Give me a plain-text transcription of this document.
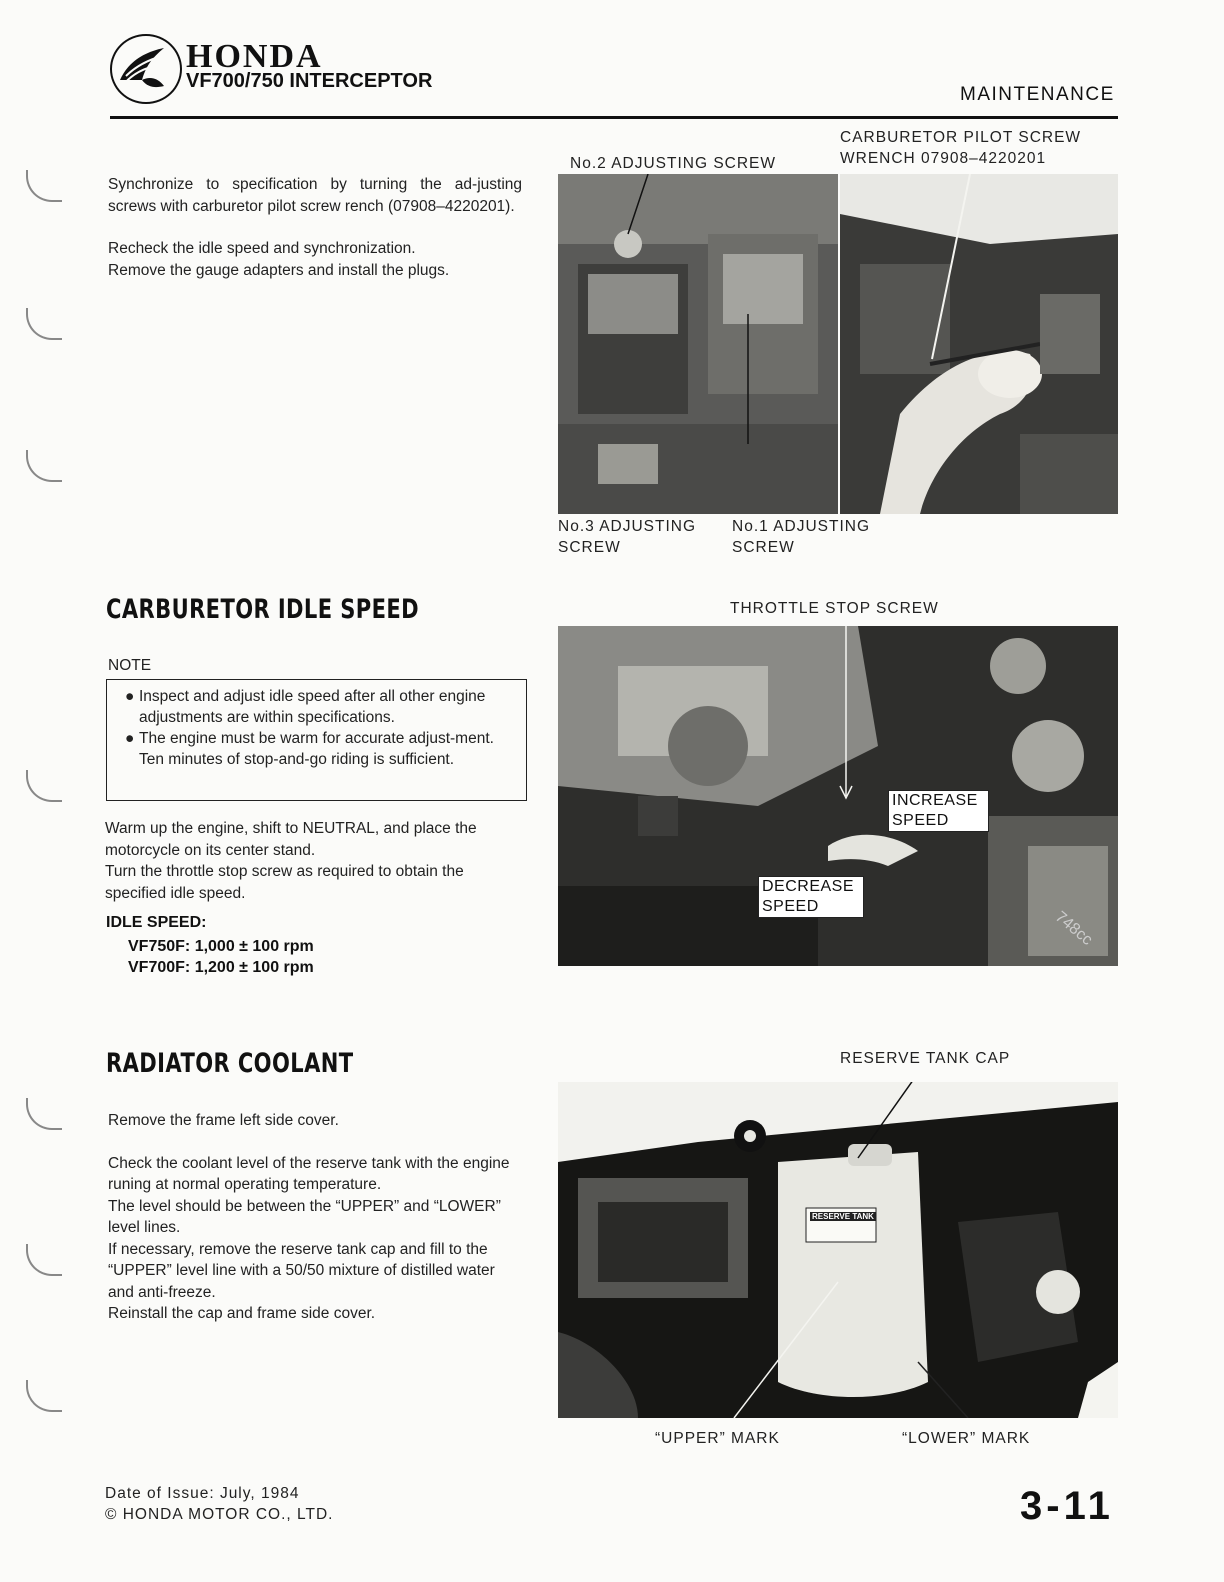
HONDA
VF700/750 INTERCEPTOR
MAINTENANCE

Synchronize to specification by turning the ad-justing screws with carburetor pilot screw rench (07908–4220201).

Recheck the idle speed and synchronization.

Remove the gauge adapters and install the plugs.

No.2 ADJUSTING SCREW
CARBURETOR PILOT SCREW
WRENCH 07908–4220201
No.3 ADJUSTING
SCREW
No.1 ADJUSTING
SCREW
CARBURETOR IDLE SPEED
NOTE

● Inspect and adjust idle speed after all other engine adjustments are within specifications.

● The engine must be warm for accurate adjust-ment. Ten minutes of stop-and-go riding is sufficient.

Warm up the engine, shift to NEUTRAL, and place the motorcycle on its center stand.

Turn the throttle stop screw as required to obtain the specified idle speed.

IDLE SPEED:
VF750F: 1,000 ± 100 rpm
VF700F: 1,200 ± 100 rpm
THROTTLE STOP SCREW
INCREASE
SPEED
DECREASE
SPEED
748cc
RADIATOR COOLANT

Remove the frame left side cover.

Check the coolant level of the reserve tank with the engine runing at normal operating temperature.

The level should be between the “UPPER” and “LOWER” level lines.

If necessary, remove the reserve tank cap and fill to the “UPPER” level line with a 50/50 mixture of distilled water and anti-freeze.

Reinstall the cap and frame side cover.

RESERVE TANK CAP
RESERVE TANK
“UPPER” MARK	“LOWER” MARK
Date of Issue: July, 1984
© HONDA MOTOR CO., LTD.	3-11
